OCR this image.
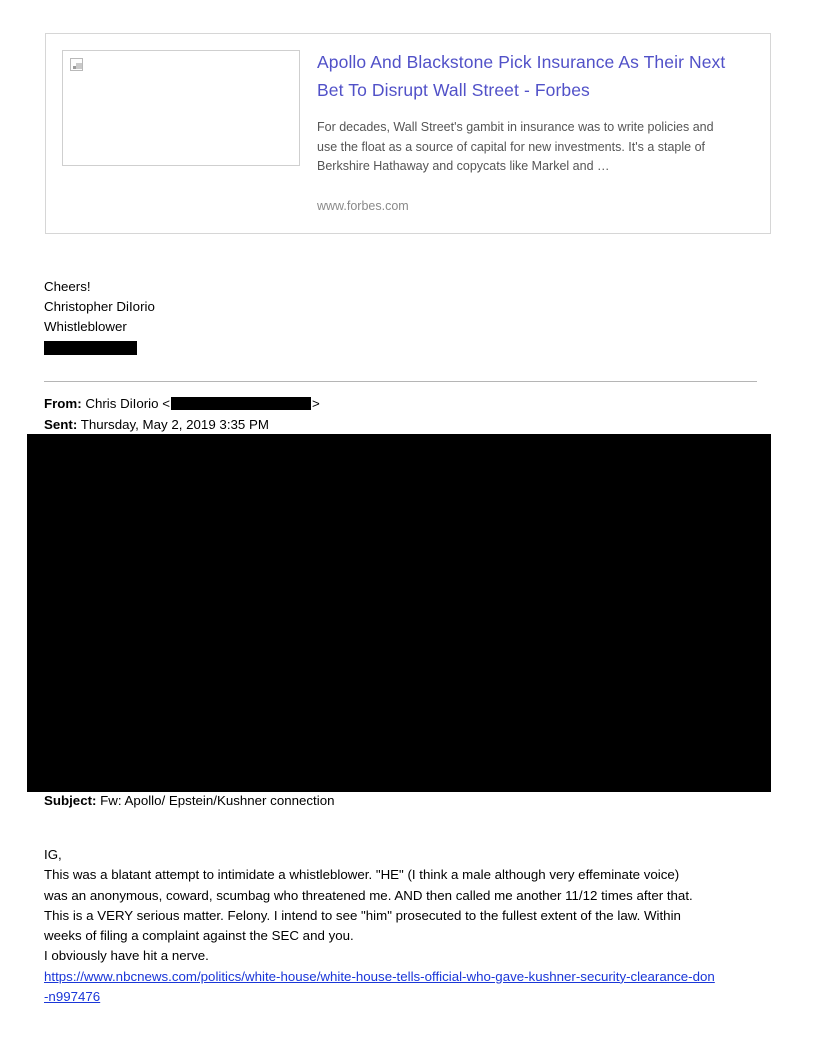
Apollo And Blackstone Pick Insurance As Their Next Bet To Disrupt Wall Street - Forbes
For decades, Wall Street's gambit in insurance was to write policies and use the float as a source of capital for new investments. It's a staple of Berkshire Hathaway and copycats like Markel and …
www.forbes.com
Cheers!
Christopher DiIorio
Whistleblower
From: Chris DiIorio <	>
Sent: Thursday, May 2, 2019 3:35 PM
Subject: Fw: Apollo/ Epstein/Kushner connection

IG,

This was a blatant attempt to intimidate a whistleblower. "HE" (I think a male although very effeminate voice)

was an anonymous, coward, scumbag who threatened me. AND then called me another 11/12 times after that.

This is a VERY serious matter. Felony. I intend to see "him" prosecuted to the fullest extent of the law. Within

weeks of filing a complaint against the SEC and you.

I obviously have hit a nerve.

https://www.nbcnews.com/politics/white-house/white-house-tells-official-who-gave-kushner-security-clearance-don-n997476
